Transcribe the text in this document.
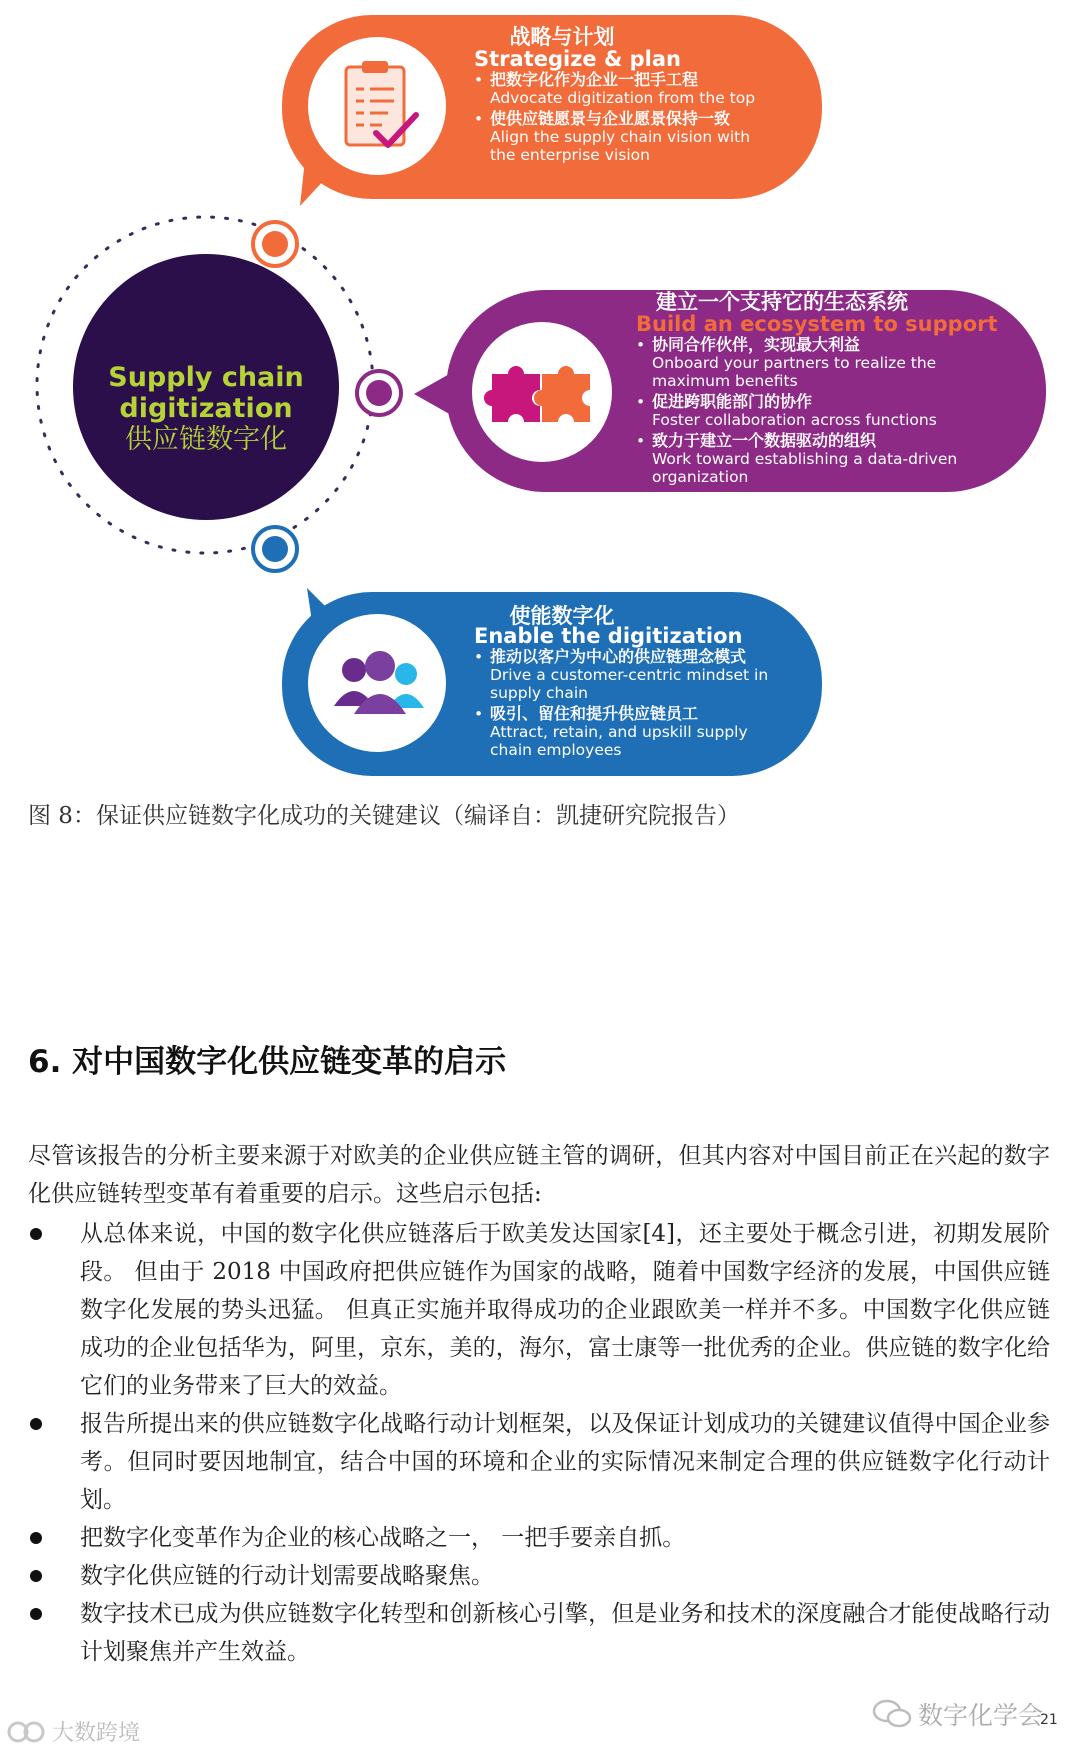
Supply chain
digitization
供应链数字化
战略与计划
Strategize & plan
• 把数字化作为企业一把手工程
Advocate digitization from the top
• 使供应链愿景与企业愿景保持一致
Align the supply chain vision with the enterprise vision
建立一个支持它的生态系统
Build an ecosystem to support
• 协同合作伙伴，实现最大利益
Onboard your partners to realize the maximum benefits
• 促进跨职能部门的协作
Foster collaboration across functions
• 致力于建立一个数据驱动的组织
Work toward establishing a data-driven organization
使能数字化
Enable the digitization
• 推动以客户为中心的供应链理念模式
Drive a customer-centric mindset in supply chain
• 吸引、留住和提升供应链员工
Attract, retain, and upskill supply chain employees
图 8：保证供应链数字化成功的关键建议（编译自：凯捷研究院报告）
6. 对中国数字化供应链变革的启示
尽管该报告的分析主要来源于对欧美的企业供应链主管的调研，但其内容对中国目前正在兴起的数字化供应链转型变革有着重要的启示。这些启示包括:
从总体来说，中国的数字化供应链落后于欧美发达国家[4]，还主要处于概念引进，初期发展阶段。 但由于 2018 中国政府把供应链作为国家的战略，随着中国数字经济的发展，中国供应链数字化发展的势头迅猛。 但真正实施并取得成功的企业跟欧美一样并不多。中国数字化供应链成功的企业包括华为，阿里，京东，美的，海尔，富士康等一批优秀的企业。供应链的数字化给它们的业务带来了巨大的效益。
报告所提出来的供应链数字化战略行动计划框架，以及保证计划成功的关键建议值得中国企业参考。但同时要因地制宜，结合中国的环境和企业的实际情况来制定合理的供应链数字化行动计划。
把数字化变革作为企业的核心战略之一， 一把手要亲自抓。
数字化供应链的行动计划需要战略聚焦。
数字技术已成为供应链数字化转型和创新核心引擎，但是业务和技术的深度融合才能使战略行动计划聚焦并产生效益。
大数跨境
数字化学会
21
